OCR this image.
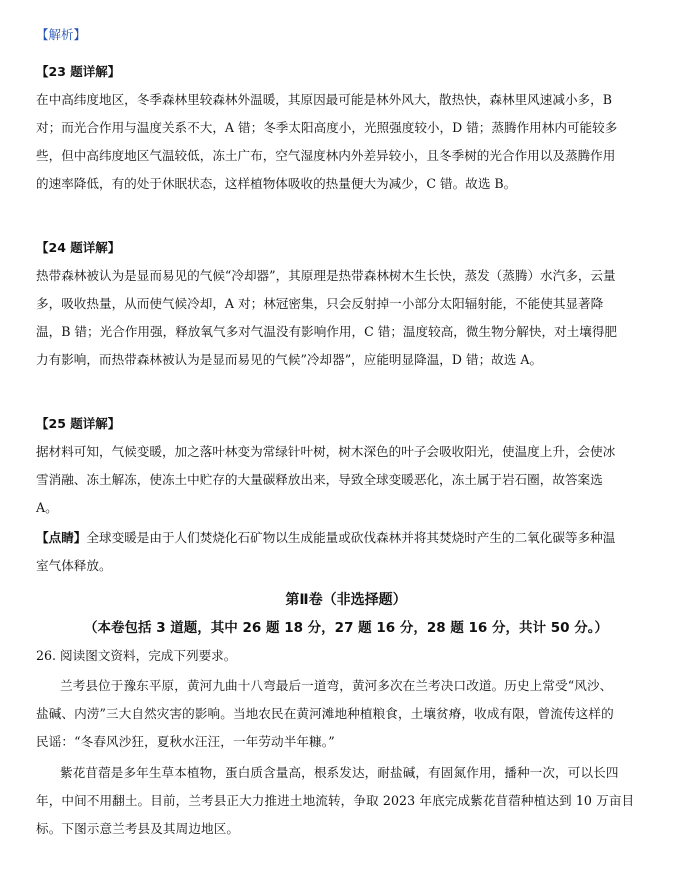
【解析】
【23 题详解】
在中高纬度地区，冬季森林里较森林外温暖，其原因最可能是林外风大，散热快，森林里风速减小多，B
对；而光合作用与温度关系不大，A 错；冬季太阳高度小，光照强度较小，D 错；蒸腾作用林内可能较多
些，但中高纬度地区气温较低，冻土广布，空气湿度林内外差异较小，且冬季树的光合作用以及蒸腾作用
的速率降低，有的处于休眠状态，这样植物体吸收的热量便大为减少，C 错。故选 B。
【24 题详解】
热带森林被认为是显而易见的气候“冷却器”，其原理是热带森林树木生长快，蒸发（蒸腾）水汽多，云量
多，吸收热量，从而使气候冷却，A 对；林冠密集，只会反射掉一小部分太阳辐射能，不能使其显著降
温，B 错；光合作用强，释放氧气多对气温没有影响作用，C 错；温度较高，微生物分解快，对土壤得肥
力有影响，而热带森林被认为是显而易见的气候”冷却器”，应能明显降温，D 错；故选 A。
【25 题详解】
据材料可知，气候变暖，加之落叶林变为常绿针叶树，树木深色的叶子会吸收阳光，使温度上升，会使冰
雪消融、冻土解冻，使冻土中贮存的大量碳释放出来，导致全球变暖恶化，冻土属于岩石圈，故答案选
A。
【点睛】全球变暖是由于人们焚烧化石矿物以生成能量或砍伐森林并将其焚烧时产生的二氧化碳等多种温
室气体释放。
第Ⅱ卷（非选择题）
（本卷包括 3 道题，其中 26 题 18 分，27 题 16 分，28 题 16 分，共计 50 分。）
26. 阅读图文资料，完成下列要求。
兰考县位于豫东平原，黄河九曲十八弯最后一道弯，黄河多次在兰考决口改道。历史上常受“风沙、
盐碱、内涝”三大自然灾害的影响。当地农民在黄河滩地种植粮食，土壤贫瘠，收成有限，曾流传这样的
民谣：“冬春风沙狂，夏秋水汪汪，一年劳动半年糠。”
紫花苜蓿是多年生草本植物，蛋白质含量高，根系发达，耐盐碱，有固氮作用，播种一次，可以长四
年，中间不用翻土。目前，兰考县正大力推进土地流转，争取 2023 年底完成紫花苜蓿种植达到 10 万亩目
标。下图示意兰考县及其周边地区。
